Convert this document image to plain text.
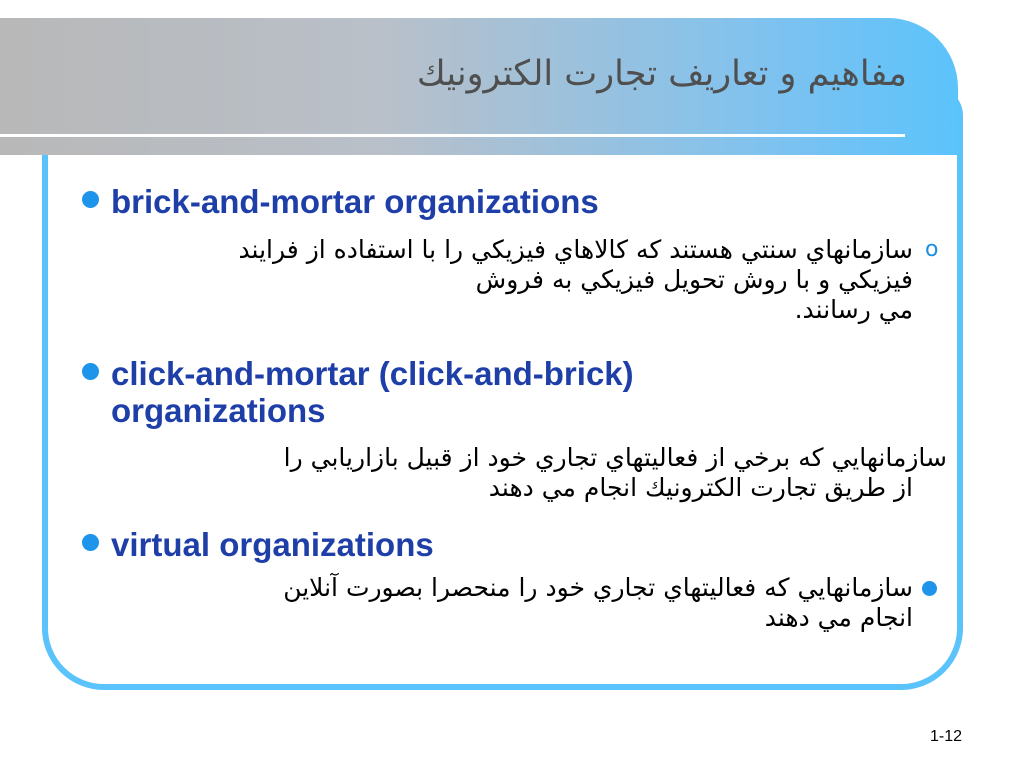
مفاهيم و تعاريف تجارت الكترونيك
brick-and-mortar organizations
o
سازمانهاي سنتي هستند كه كالاهاي فيزيكي را با استفاده از فرايند
فيزيكي و با روش تحويل فيزيكي به فروش
مي رسانند.
click-and-mortar (click-and-brick)
organizations
سازمانهايي كه برخي از فعاليتهاي تجاري خود از قبيل بازاريابي را
از طريق تجارت الكترونيك انجام مي دهند
virtual organizations
سازمانهايي كه فعاليتهاي تجاري خود را منحصرا بصورت آنلاين
انجام مي دهند
1-12
